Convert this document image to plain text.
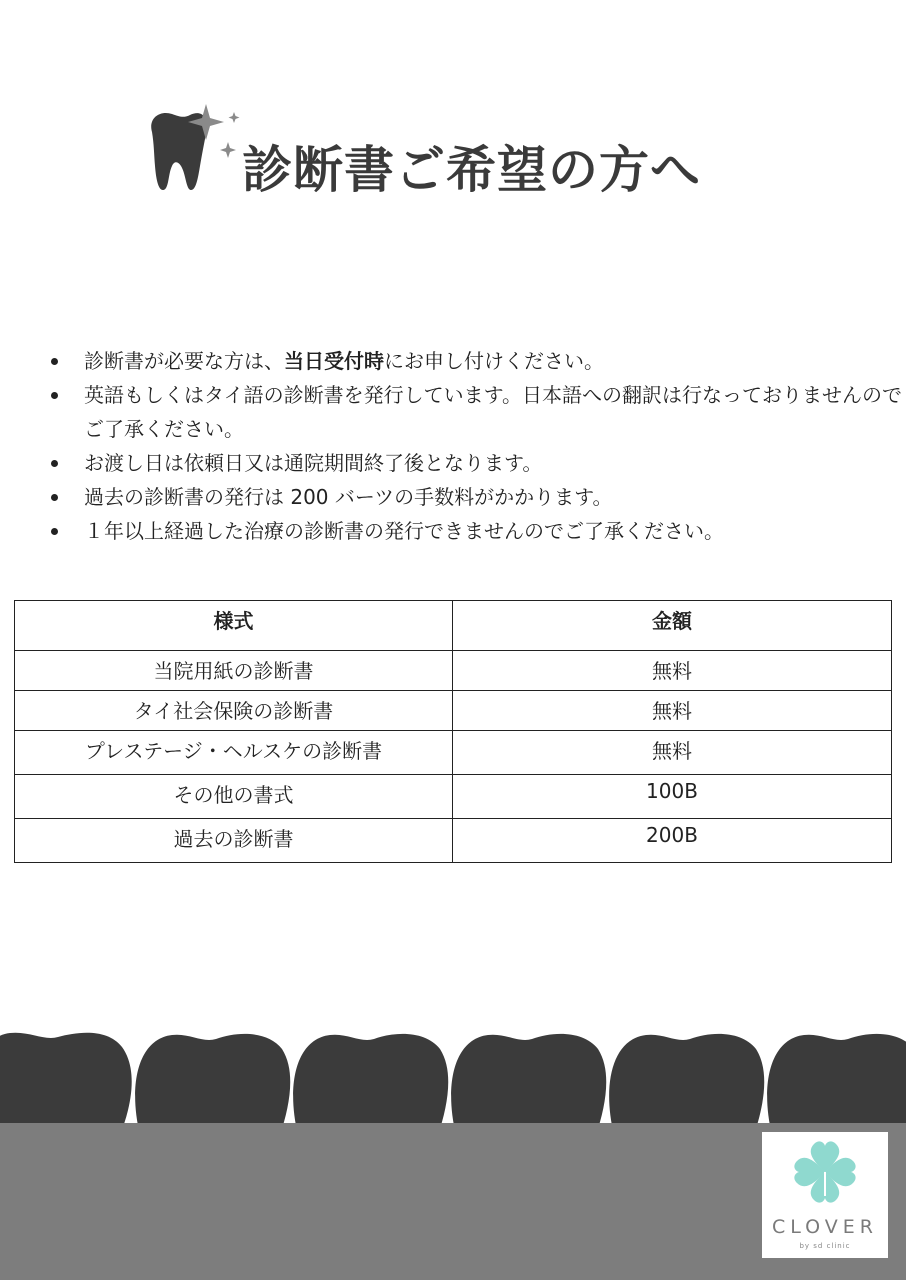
診断書ご希望の方へ
診断書が必要な方は、当日受付時にお申し付けください。
英語もしくはタイ語の診断書を発行しています。日本語への翻訳は行なっておりませんのでご了承ください。
お渡し日は依頼日又は通院期間終了後となります。
過去の診断書の発行は 200 バーツの手数料がかかります。
１年以上経過した治療の診断書の発行できませんのでご了承ください。
様式	金額
当院用紙の診断書	無料
タイ社会保険の診断書	無料
プレステージ・ヘルスケの診断書	無料
その他の書式	100B
過去の診断書	200B
CLOVER
by sd clinic
